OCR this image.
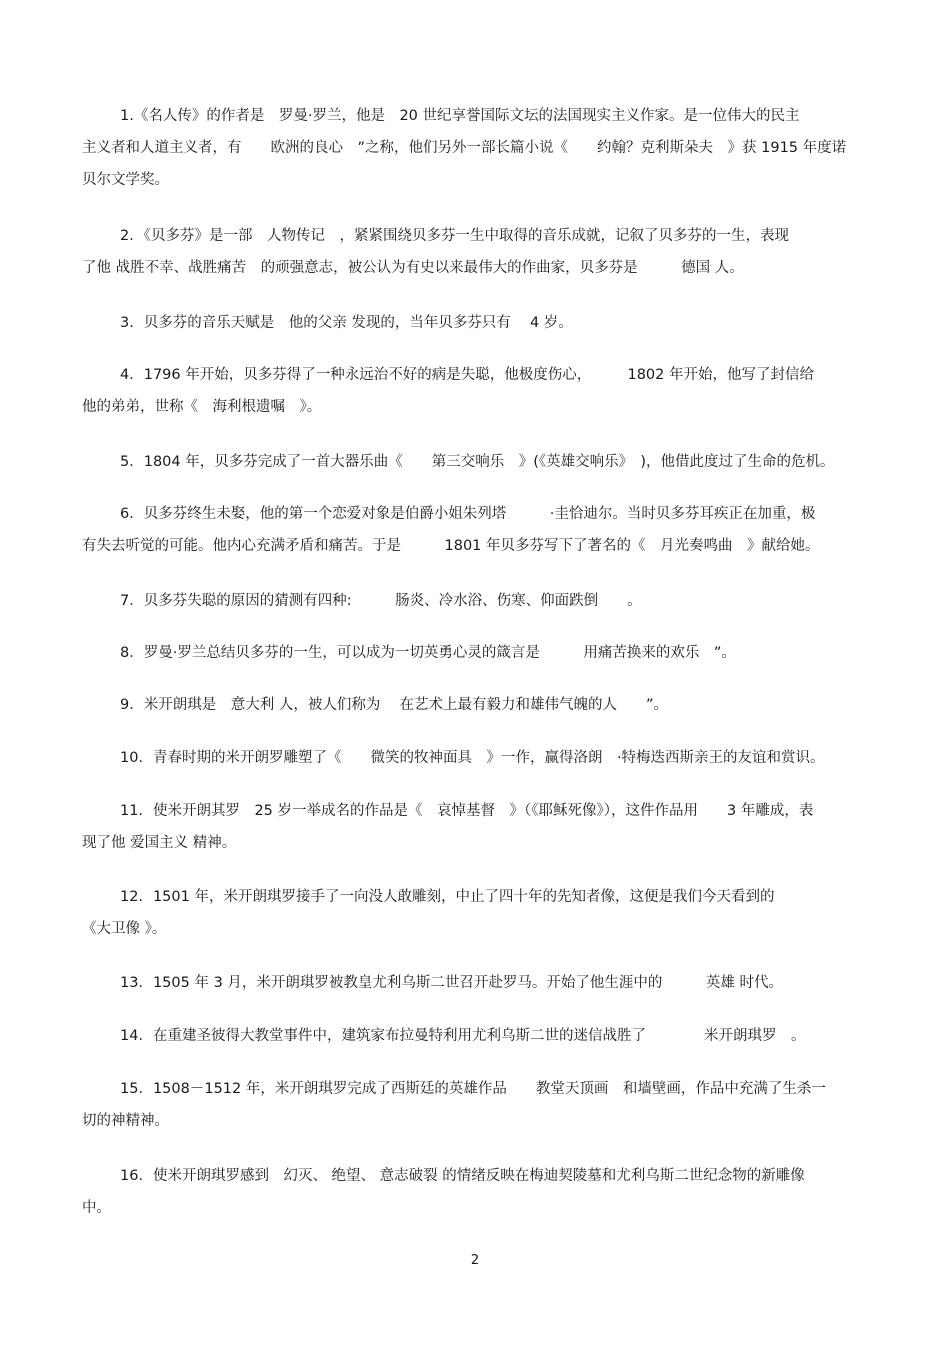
1.《名人传》的作者是　罗曼·罗兰，他是　20 世纪享誉国际文坛的法国现实主义作家。是一位伟大的民主
主义者和人道主义者，有　　欧洲的良心　”之称，他们另外一部长篇小说《　　约翰？克利斯朵夫　》获 1915 年度诺
贝尔文学奖。
2．《贝多芬》是一部　人物传记　，紧紧围绕贝多芬一生中取得的音乐成就，记叙了贝多芬的一生，表现
了他 战胜不幸、战胜痛苦　的顽强意志，被公认为有史以来最伟大的作曲家，贝多芬是　　　德国 人。
3．贝多芬的音乐天赋是　他的父亲 发现的，当年贝多芬只有　 4 岁。
4．1796 年开始，贝多芬得了一种永远治不好的病是失聪，他极度伤心，　　　1802 年开始，他写了封信给
他的弟弟，世称《　海利根遗嘱　》。
5．1804 年，贝多芬完成了一首大器乐曲《　　第三交响乐　》(《英雄交响乐》　)，他借此度过了生命的危机。
6．贝多芬终生未娶，他的第一个恋爱对象是伯爵小姐朱列塔　　　·圭恰迪尔。当时贝多芬耳疾正在加重，极
有失去听觉的可能。他内心充满矛盾和痛苦。于是　　　1801 年贝多芬写下了著名的《　月光奏鸣曲　》献给她。
7．贝多芬失聪的原因的猜测有四种:　　　肠炎、冷水浴、伤寒、仰面跌倒　　。
8．罗曼·罗兰总结贝多芬的一生，可以成为一切英勇心灵的箴言是　　　用痛苦换来的欢乐　”。
9．米开朗琪是　意大利 人，被人们称为　 在艺术上最有毅力和雄伟气魄的人　　”。
10．青春时期的米开朗罗雕塑了《　　微笑的牧神面具　》一作，赢得洛朗　·特梅迭西斯亲王的友谊和赏识。
11．使米开朗其罗　25 岁一举成名的作品是《　哀悼基督　》（《耶稣死像》），这件作品用　　3 年雕成，表
现了他 爱国主义 精神。
12．1501 年，米开朗琪罗接手了一向没人敢雕刻，中止了四十年的先知者像，这便是我们今天看到的
《大卫像 》。
13．1505 年 3 月，米开朗琪罗被教皇尤利乌斯二世召开赴罗马。开始了他生涯中的　　　英雄 时代。
14．在重建圣彼得大教堂事件中，建筑家布拉曼特利用尤利乌斯二世的迷信战胜了　　　　米开朗琪罗　。
15．1508－1512 年，米开朗琪罗完成了西斯廷的英雄作品　　教堂天顶画　和墙壁画，作品中充满了生杀一
切的神精神。
16．使米开朗琪罗感到　幻灭、 绝望、 意志破裂 的情绪反映在梅迪契陵墓和尤利乌斯二世纪念物的新雕像
中。
2
